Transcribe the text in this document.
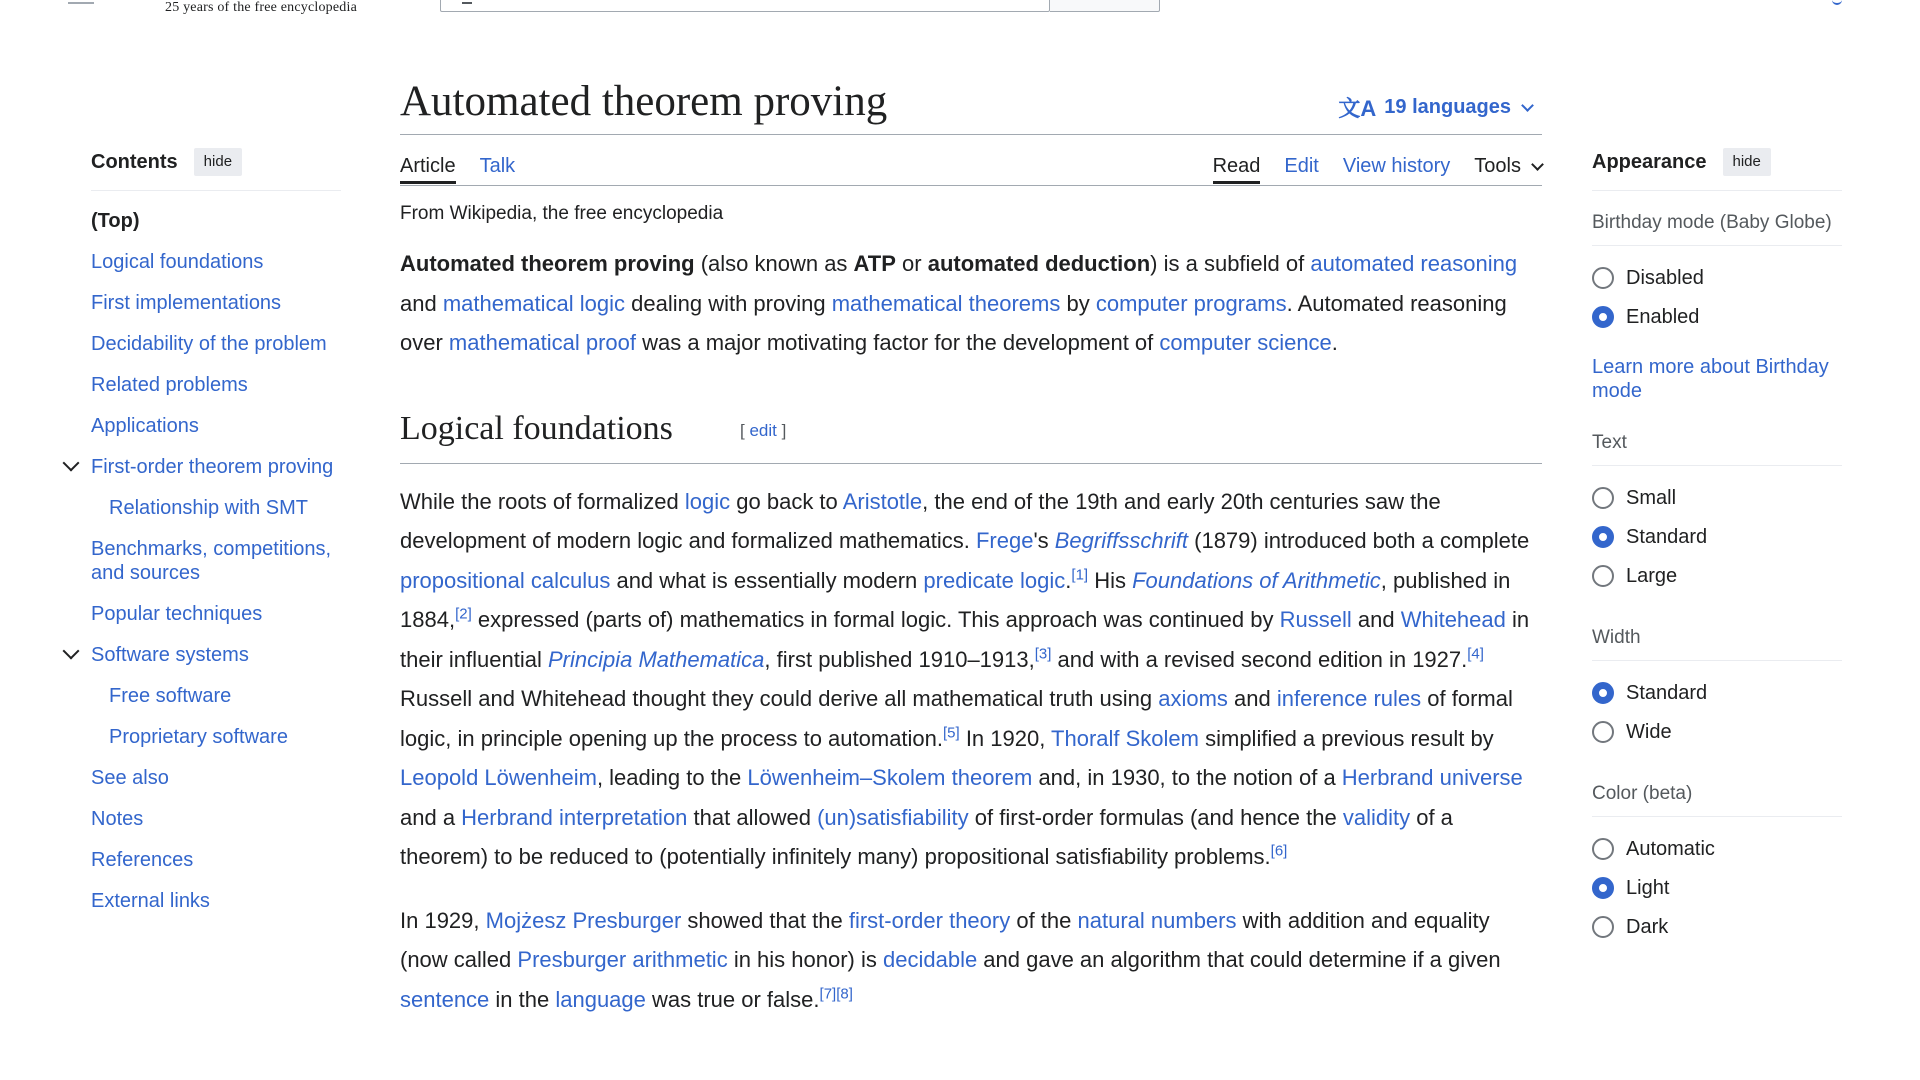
25 years of the free encyclopedia
Contents	hide
(Top)
Logical foundations
First implementations
Decidability of the problem
Related problems
Applications
First-order theorem proving
Relationship with SMT
Benchmarks, competitions, and sources
Popular techniques
Software systems
Free software
Proprietary software
See also
Notes
References
External links
Automated theorem proving	文A 19 languages
Article Talk	Read Edit View history Tools
From Wikipedia, the free encyclopedia

Automated theorem proving (also known as ATP or automated deduction) is a subfield of automated reasoning and mathematical logic dealing with proving mathematical theorems by computer programs. Automated reasoning over mathematical proof was a major motivating factor for the development of computer science.

Logical foundations	[ edit ]

While the roots of formalized logic go back to Aristotle, the end of the 19th and early 20th centuries saw the development of modern logic and formalized mathematics. Frege's Begriffsschrift (1879) introduced both a complete propositional calculus and what is essentially modern predicate logic.[1] His Foundations of Arithmetic, published in 1884,[2] expressed (parts of) mathematics in formal logic. This approach was continued by Russell and Whitehead in their influential Principia Mathematica, first published 1910–1913,[3] and with a revised second edition in 1927.[4] Russell and Whitehead thought they could derive all mathematical truth using axioms and inference rules of formal logic, in principle opening up the process to automation.[5] In 1920, Thoralf Skolem simplified a previous result by Leopold Löwenheim, leading to the Löwenheim–Skolem theorem and, in 1930, to the notion of a Herbrand universe and a Herbrand interpretation that allowed (un)satisfiability of first-order formulas (and hence the validity of a theorem) to be reduced to (potentially infinitely many) propositional satisfiability problems.[6]

In 1929, Mojżesz Presburger showed that the first-order theory of the natural numbers with addition and equality (now called Presburger arithmetic in his honor) is decidable and gave an algorithm that could determine if a given sentence in the language was true or false.[7][8]

Appearance	hide
Birthday mode (Baby Globe)
Disabled
Enabled
Learn more about Birthday mode
Text
Small
Standard
Large
Width
Standard
Wide
Color (beta)
Automatic
Light
Dark
